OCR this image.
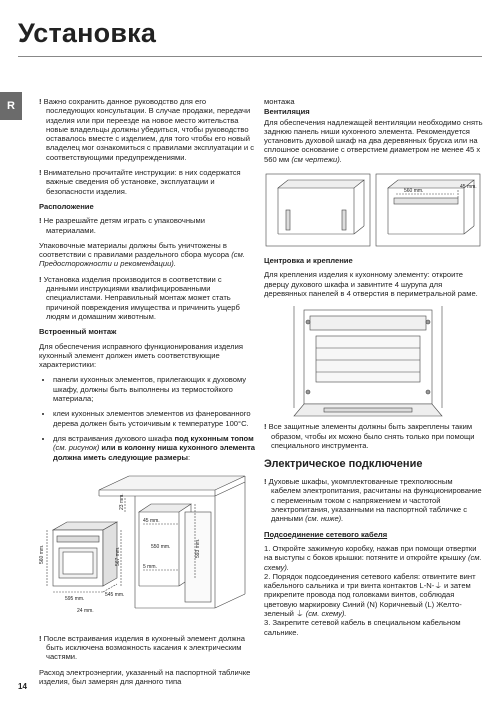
Установка
R	! Важно сохранить данное руководство для его последующих консультации. В случае продажи, передачи изделия или при переезде на новое место жительства новые владельцы должны убедиться, чтобы руководство оставалось вместе с изделием, для того чтобы его новый владелец мог ознакомиться с правилами эксплуатации и с соответствующими предупреждениями.

! Внимательно прочитайте инструкции: в них содержатся важные сведения об установке, эксплуатации и безопасности изделия.

Расположение

! Не разрешайте детям играть с упаковочными материалами.

Упаковочные материалы должны быть уничтожены в соответствии с правилами раздельного сбора мусора (см. Предосторожности и рекомендации).

! Установка изделия производится в соответствии с данными инструкциями квалифицированными специалистами. Неправильный монтаж может стать причиной повреждения имущества и причинить ущерб людям и домашним животным.

Встроенный монтаж

Для обеспечения исправного функционирования изделия кухонный элемент должен иметь соответствующие характеристики:

• панели кухонных элементов, прилегающих к духовому шкафу, должны быть выполнены из термостойкого материала;
• клеи кухонных элементов элементов из фанерованного дерева должен быть устоичивым к температуре 100°C.
• для встраивания духового шкафа под кухонным топом (см. рисунок) или в колонну ниша кухонного элемента должна иметь следующие размеры:
560 mm.
23 mm.
567 mm.
45 mm.
5 mm.
595 mm.
545 mm.
24 mm.
593 mm.
550 mm.

! После встраивания изделия в кухонный элемент должна быть исключена возможность касания к электрическим частями.

Расход электроэнергии, указанный на паспортной табличке изделия, был замерян для данного типа

монтажа

Вентиляция

Для обеспечения надлежащей вентиляции необходимо снять заднюю панель ниши кухонного элемента. Рекомендуется установить духовой шкаф на два деревянных бруска или на сплошное основание с отверстием диаметром не менее 45 x 560 мм (см чертежи).

560 mm.
45 mm.
Центровка и крепление

Для крепления изделия к кухонному элементу: откроите дверцу духового шкафа и завинтите 4 шурупа для деревянных панелей в 4 отверстия в периметральной раме.

! Все защитные элементы должны быть закреплены таким образом, чтобы их можно было снять только при помощи специального инструмента.

Электрическое подключение

! Духовые шкафы, укомплектованные трехполюсным кабелем электропитания, расчитаны на функционирование с переменным током с напряжением и частотой электропитания, указанными на паспортной табличке с данными (см. ниже).

Подсоединение сетевого кабеля

1. Откройте зажимную коробку, нажав при помощи отвертки на выступы с боков крышки: потяните и откройте крышку (см. схему).

2. Порядок подсоединения сетевого кабеля: отвинтите винт кабельного сальника и три винта контактов L-N-⏚ и затем прикрепите провода под головками винтов, соблюдая цветовую маркировку Синий (N) Коричневый (L) Желто-зеленый ⏚ (см. схему).

3. Закрепите сетевой кабель в специальном кабельном сальнике.

14
